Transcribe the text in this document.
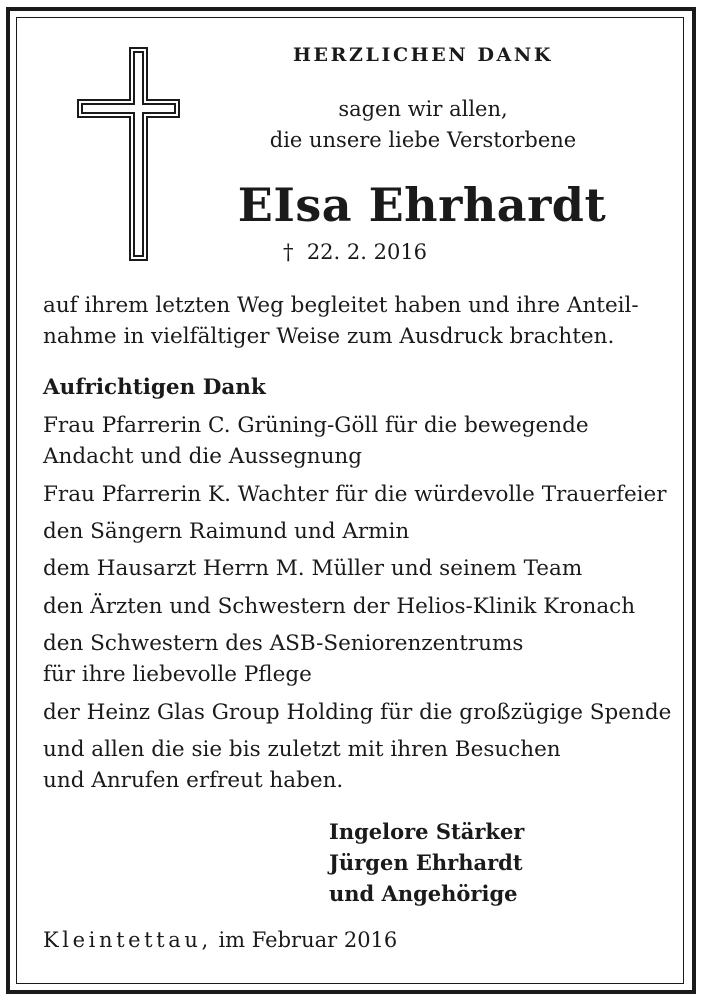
HERZLICHEN DANK
sagen wir allen,
die unsere liebe Verstorbene
EIsa Ehrhardt
† 22. 2. 2016
auf ihrem letzten Weg begleitet haben und ihre Anteil-
nahme in vielfältiger Weise zum Ausdruck brachten.
Aufrichtigen Dank
Frau Pfarrerin C. Grüning-Göll für die bewegende
Andacht und die Aussegnung
Frau Pfarrerin K. Wachter für die würdevolle Trauerfeier
den Sängern Raimund und Armin
dem Hausarzt Herrn M. Müller und seinem Team
den Ärzten und Schwestern der Helios-Klinik Kronach
den Schwestern des ASB-Seniorenzentrums
für ihre liebevolle Pflege
der Heinz Glas Group Holding für die großzügige Spende
und allen die sie bis zuletzt mit ihren Besuchen
und Anrufen erfreut haben.
Ingelore Stärker
Jürgen Ehrhardt
und Angehörige
Kleintettau, im Februar 2016
